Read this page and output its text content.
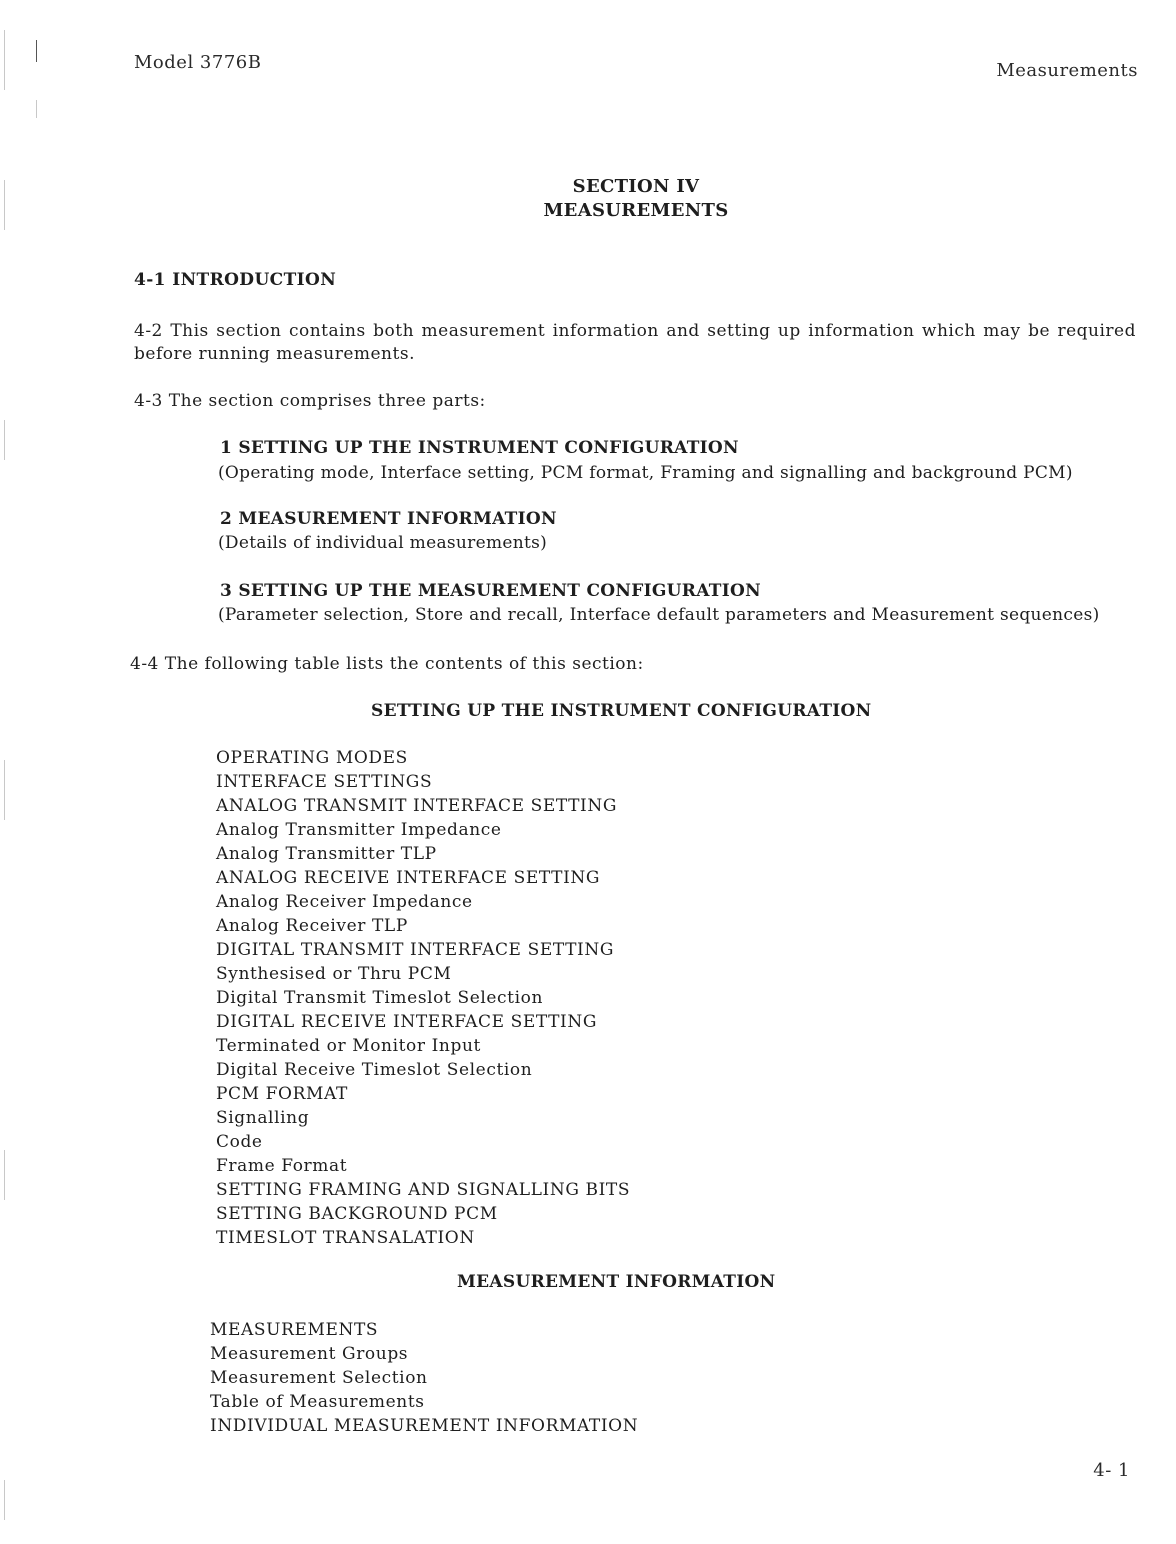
Model 3776B	Measurements
SECTION IV
MEASUREMENTS
4-1 INTRODUCTION
4-2 This section contains both measurement information and setting up information which may be required before running measurements.
4-3 The section comprises three parts:
1 SETTING UP THE INSTRUMENT CONFIGURATION
(Operating mode, Interface setting, PCM format, Framing and signalling and background PCM)
2 MEASUREMENT INFORMATION
(Details of individual measurements)
3 SETTING UP THE MEASUREMENT CONFIGURATION
(Parameter selection, Store and recall, Interface default parameters and Measurement sequences)
4-4 The following table lists the contents of this section:
SETTING UP THE INSTRUMENT CONFIGURATION
OPERATING MODES
INTERFACE SETTINGS
ANALOG TRANSMIT INTERFACE SETTING
Analog Transmitter Impedance
Analog Transmitter TLP
ANALOG RECEIVE INTERFACE SETTING
Analog Receiver Impedance
Analog Receiver TLP
DIGITAL TRANSMIT INTERFACE SETTING
Synthesised or Thru PCM
Digital Transmit Timeslot Selection
DIGITAL RECEIVE INTERFACE SETTING
Terminated or Monitor Input
Digital Receive Timeslot Selection
PCM FORMAT
Signalling
Code
Frame Format
SETTING FRAMING AND SIGNALLING BITS
SETTING BACKGROUND PCM
TIMESLOT TRANSALATION
MEASUREMENT INFORMATION
MEASUREMENTS
Measurement Groups
Measurement Selection
Table of Measurements
INDIVIDUAL MEASUREMENT INFORMATION
4- 1
